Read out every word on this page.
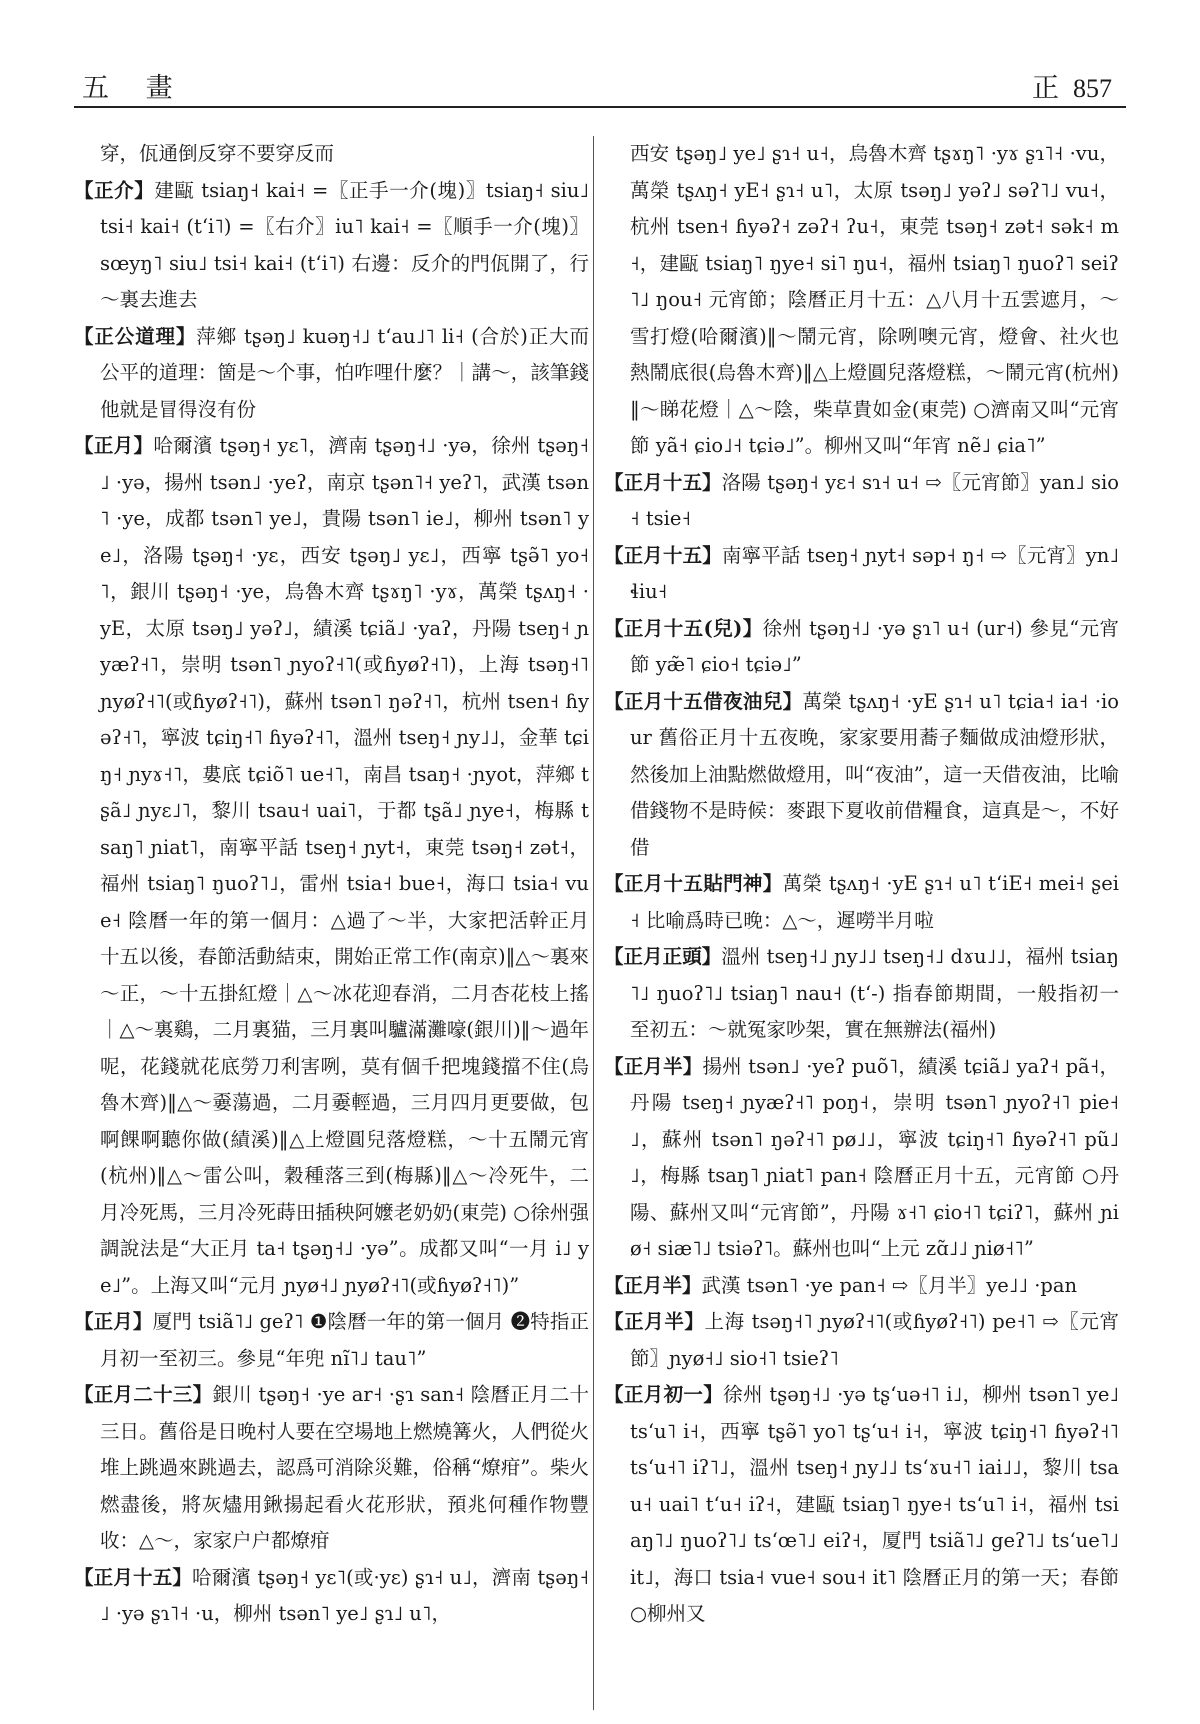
五 畫	正 857

穿，佤通倒反穿不要穿反而

【正介】建甌 tsiaŋ˧ kai˧ =〖正手一介(塊)〗tsiaŋ˧ siu˩ tsi˧ kai˧ (tʻi˥) =〖右介〗iu˥ kai˧ =〖順手一介(塊)〗sœyŋ˥ siu˩ tsi˧ kai˧ (tʻi˥) 右邊：反介的門佤開了，行～裏去進去

【正公道理】萍鄉 tʂəŋ˩ kuəŋ˧˩ tʻau˩˥ li˧ (合於)正大而公平的道理：箇是～个事，怕咋哩什麼？｜講～，該筆錢他就是冒得沒有份

【正月】哈爾濱 tʂəŋ˧ yɛ˥，濟南 tʂəŋ˧˩ ·yə，徐州 tʂəŋ˧˩ ·yə，揚州 tsən˩ ·yeʔ，南京 tʂən˥˧ yeʔ˥，武漢 tsən˥ ·ye，成都 tsən˥ ye˩，貴陽 tsən˥ ie˩，柳州 tsən˥ ye˩，洛陽 tʂəŋ˧ ·yɛ，西安 tʂəŋ˩ yɛ˩，西寧 tʂə̃˥ yo˧˥，銀川 tʂəŋ˧ ·ye，烏魯木齊 tʂɤŋ˥ ·yɤ，萬榮 tʂʌŋ˧ ·yE，太原 tsəŋ˩ yəʔ˩，績溪 tɕiã˩ ·yaʔ，丹陽 tseŋ˧ ɲyæʔ˧˥，崇明 tsən˥ ɲyoʔ˧˥(或ɦyøʔ˧˥)，上海 tsəŋ˧˥ ɲyøʔ˧˥(或ɦyøʔ˧˥)，蘇州 tsən˥ ŋəʔ˧˥，杭州 tsen˧ ɦyəʔ˧˥，寧波 tɕiŋ˧˥ ɦyəʔ˧˥，溫州 tseŋ˧ ɲy˩˩，金華 tɕiŋ˧ ɲyɤ˧˥，婁底 tɕiõ˥ ue˧˥，南昌 tsaŋ˧ ·ɲyot，萍鄉 tʂã˩ ɲyɛ˩˥，黎川 tsau˧ uai˥，于都 tʂã˩ ɲye˧，梅縣 tsaŋ˥ ɲiat˥，南寧平話 tseŋ˧ ɲyt˧，東莞 tsəŋ˧ zət˧，福州 tsiaŋ˥ ŋuoʔ˥˩，雷州 tsia˧ bue˧，海口 tsia˧ vue˧ 陰曆一年的第一個月：△過了～半，大家把活幹正月十五以後，春節活動結束，開始正常工作(南京)‖△～裏來～正，～十五掛紅燈｜△～冰花迎春消，二月杏花枝上搖｜△～裏鷄，二月裏猫，三月裏叫驢滿灘嚎(銀川)‖～過年呢，花錢就花底勞刀利害咧，莫有個千把塊錢擋不住(烏魯木齊)‖△～嫑蕩過，二月嫑輕過，三月四月更要做，包啊餜啊聽你做(績溪)‖△上燈圓兒落燈糕，～十五鬧元宵(杭州)‖△～雷公叫，穀種落三到(梅縣)‖△～冷死牛，二月冷死馬，三月冷死蒔田插秧阿嬤老奶奶(東莞) ○徐州强調說法是“大正月 ta˧ tʂəŋ˧˩ ·yə”。成都又叫“一月 i˩ ye˩”。上海又叫“元月 ɲyø˧˩ ɲyøʔ˧˥(或ɦyøʔ˧˥)”

【正月】厦門 tsiã˥˩ geʔ˥ ❶陰曆一年的第一個月 ❷特指正月初一至初三。參見“年兜 nĩ˥˩ tau˥”

【正月二十三】銀川 tʂəŋ˧ ·ye ar˧ ·ʂɿ san˧ 陰曆正月二十三日。舊俗是日晚村人要在空場地上燃燒篝火，人們從火堆上跳過來跳過去，認爲可消除災難，俗稱“燎疳”。柴火燃盡後，將灰燼用鍬揚起看火花形狀，預兆何種作物豐收：△～，家家户户都燎疳

【正月十五】哈爾濱 tʂəŋ˧ yɛ˥(或·yɛ) ʂɿ˧ u˩，濟南 tʂəŋ˧˩ ·yə ʂɿ˥˧ ·u，柳州 tsən˥ ye˩ ʂɿ˩ u˥，

西安 tʂəŋ˩ ye˩ ʂɿ˧ u˧，烏魯木齊 tʂɤŋ˥ ·yɤ ʂɿ˥˧ ·vu，萬榮 tʂʌŋ˧ yE˧ ʂɿ˧ u˥，太原 tsəŋ˩ yəʔ˩ səʔ˥˩ vu˧，杭州 tsen˧ ɦyəʔ˧ zəʔ˧ ʔu˧，東莞 tsəŋ˧ zət˧ sək˧ m˧，建甌 tsiaŋ˥ ŋye˧ si˥ ŋu˧，福州 tsiaŋ˥ ŋuoʔ˥ seiʔ˥˩ ŋou˧ 元宵節；陰曆正月十五：△八月十五雲遮月，～雪打燈(哈爾濱)‖～鬧元宵，除咧噢元宵，燈會、社火也熱鬧底很(烏魯木齊)‖△上燈圓兒落燈糕，～鬧元宵(杭州)‖～睇花燈｜△～陰，柴草貴如金(東莞) ○濟南又叫“元宵節 yã˧ ɕio˩˧ tɕiə˩”。柳州又叫“年宵 nẽ˩ ɕia˥”

【正月十五】洛陽 tʂəŋ˧ yɛ˧ sɿ˧ u˧ ⇨〖元宵節〗yan˩ sio˧ tsie˧

【正月十五】南寧平話 tseŋ˧ ɲyt˧ səp˧ ŋ˧ ⇨〖元宵〗yn˩ ɬiu˧

【正月十五(兒)】徐州 tʂəŋ˧˩ ·yə ʂɿ˥ u˧ (ur˧) 參見“元宵節 yæ̃˥ ɕio˧ tɕiə˩”

【正月十五借夜油兒】萬榮 tʂʌŋ˧ ·yE ʂɿ˧ u˥ tɕia˧ ia˧ ·iour 舊俗正月十五夜晚，家家要用蕎子麵做成油燈形狀，然後加上油點燃做燈用，叫“夜油”，這一天借夜油，比喻借錢物不是時候：麥跟下夏收前借糧食，這真是～，不好借

【正月十五貼門神】萬榮 tʂʌŋ˧ ·yE ʂɿ˧ u˥ tʻiE˧ mei˧ ʂei˧ 比喻爲時已晚：△～，遲嘮半月啦

【正月正頭】溫州 tseŋ˧˩ ɲy˩˩ tseŋ˧˩ dɤu˩˩，福州 tsiaŋ˥˩ ŋuoʔ˥˩ tsiaŋ˥ nau˧ (tʻ-) 指春節期間，一般指初一至初五：～就冤家吵架，實在無辦法(福州)

【正月半】揚州 tsən˩ ·yeʔ puõ˥，績溪 tɕiã˩ yaʔ˧ pã˧，丹陽 tseŋ˧ ɲyæʔ˧˥ poŋ˧，崇明 tsən˥ ɲyoʔ˧˥ pie˧˩，蘇州 tsən˥ ŋəʔ˧˥ pø˩˩，寧波 tɕiŋ˧˥ ɦyəʔ˧˥ pũ˩˩，梅縣 tsaŋ˥ ɲiat˥ pan˧ 陰曆正月十五，元宵節 ○丹陽、蘇州又叫“元宵節”，丹陽 ɤ˧˥ ɕio˧˥ tɕiʔ˥，蘇州 ɲiø˧ siæ˥˩ tsiəʔ˥。蘇州也叫“上元 zɑ̃˩˩ ɲiø˧˥”

【正月半】武漢 tsən˥ ·ye pan˧ ⇨〖月半〗ye˩˩ ·pan

【正月半】上海 tsəŋ˧˥ ɲyøʔ˧˥(或ɦyøʔ˧˥) pe˧˥ ⇨〖元宵節〗ɲyø˧˩ sio˧˥ tsieʔ˥

【正月初一】徐州 tʂəŋ˧˩ ·yə tʂʻuə˧˥ i˩，柳州 tsən˥ ye˩ tsʻu˥ i˧，西寧 tʂə̃˥ yo˥ tʂʻu˧ i˧，寧波 tɕiŋ˧˥ ɦyəʔ˧˥ tsʻu˧˥ iʔ˥˩，溫州 tseŋ˧ ɲy˩˩ tsʻɤu˧˥ iai˩˩，黎川 tsau˧ uai˥ tʻu˧ iʔ˧，建甌 tsiaŋ˥ ŋye˧ tsʻu˥ i˧，福州 tsiaŋ˥˩ ŋuoʔ˥˩ tsʻœ˥˩ eiʔ˧，厦門 tsiã˥˩ geʔ˥˩ tsʻue˥˩ it˩，海口 tsia˧ vue˧ sou˧ it˥ 陰曆正月的第一天；春節 ○柳州又
